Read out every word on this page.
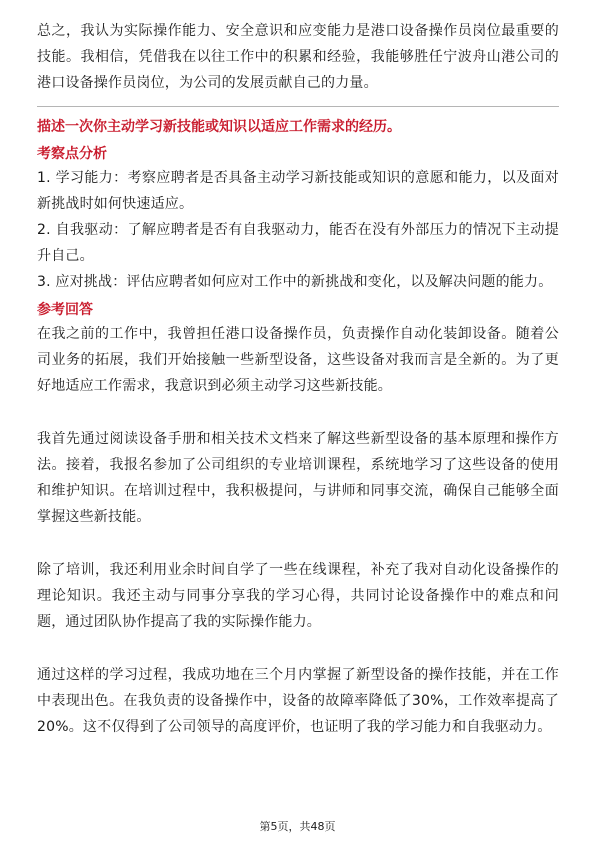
总之，我认为实际操作能力、安全意识和应变能力是港口设备操作员岗位最重要的技能。我相信，凭借我在以往工作中的积累和经验，我能够胜任宁波舟山港公司的港口设备操作员岗位，为公司的发展贡献自己的力量。

描述一次你主动学习新技能或知识以适应工作需求的经历。

考察点分析

1. 学习能力：考察应聘者是否具备主动学习新技能或知识的意愿和能力，以及面对新挑战时如何快速适应。

2. 自我驱动：了解应聘者是否有自我驱动力，能否在没有外部压力的情况下主动提升自己。

3. 应对挑战：评估应聘者如何应对工作中的新挑战和变化，以及解决问题的能力。

参考回答

在我之前的工作中，我曾担任港口设备操作员，负责操作自动化装卸设备。随着公司业务的拓展，我们开始接触一些新型设备，这些设备对我而言是全新的。为了更好地适应工作需求，我意识到必须主动学习这些新技能。

我首先通过阅读设备手册和相关技术文档来了解这些新型设备的基本原理和操作方法。接着，我报名参加了公司组织的专业培训课程，系统地学习了这些设备的使用和维护知识。在培训过程中，我积极提问，与讲师和同事交流，确保自己能够全面掌握这些新技能。

除了培训，我还利用业余时间自学了一些在线课程，补充了我对自动化设备操作的理论知识。我还主动与同事分享我的学习心得，共同讨论设备操作中的难点和问题，通过团队协作提高了我的实际操作能力。

通过这样的学习过程，我成功地在三个月内掌握了新型设备的操作技能，并在工作中表现出色。在我负责的设备操作中，设备的故障率降低了30%，工作效率提高了20%。这不仅得到了公司领导的高度评价，也证明了我的学习能力和自我驱动力。

第5页，共48页
